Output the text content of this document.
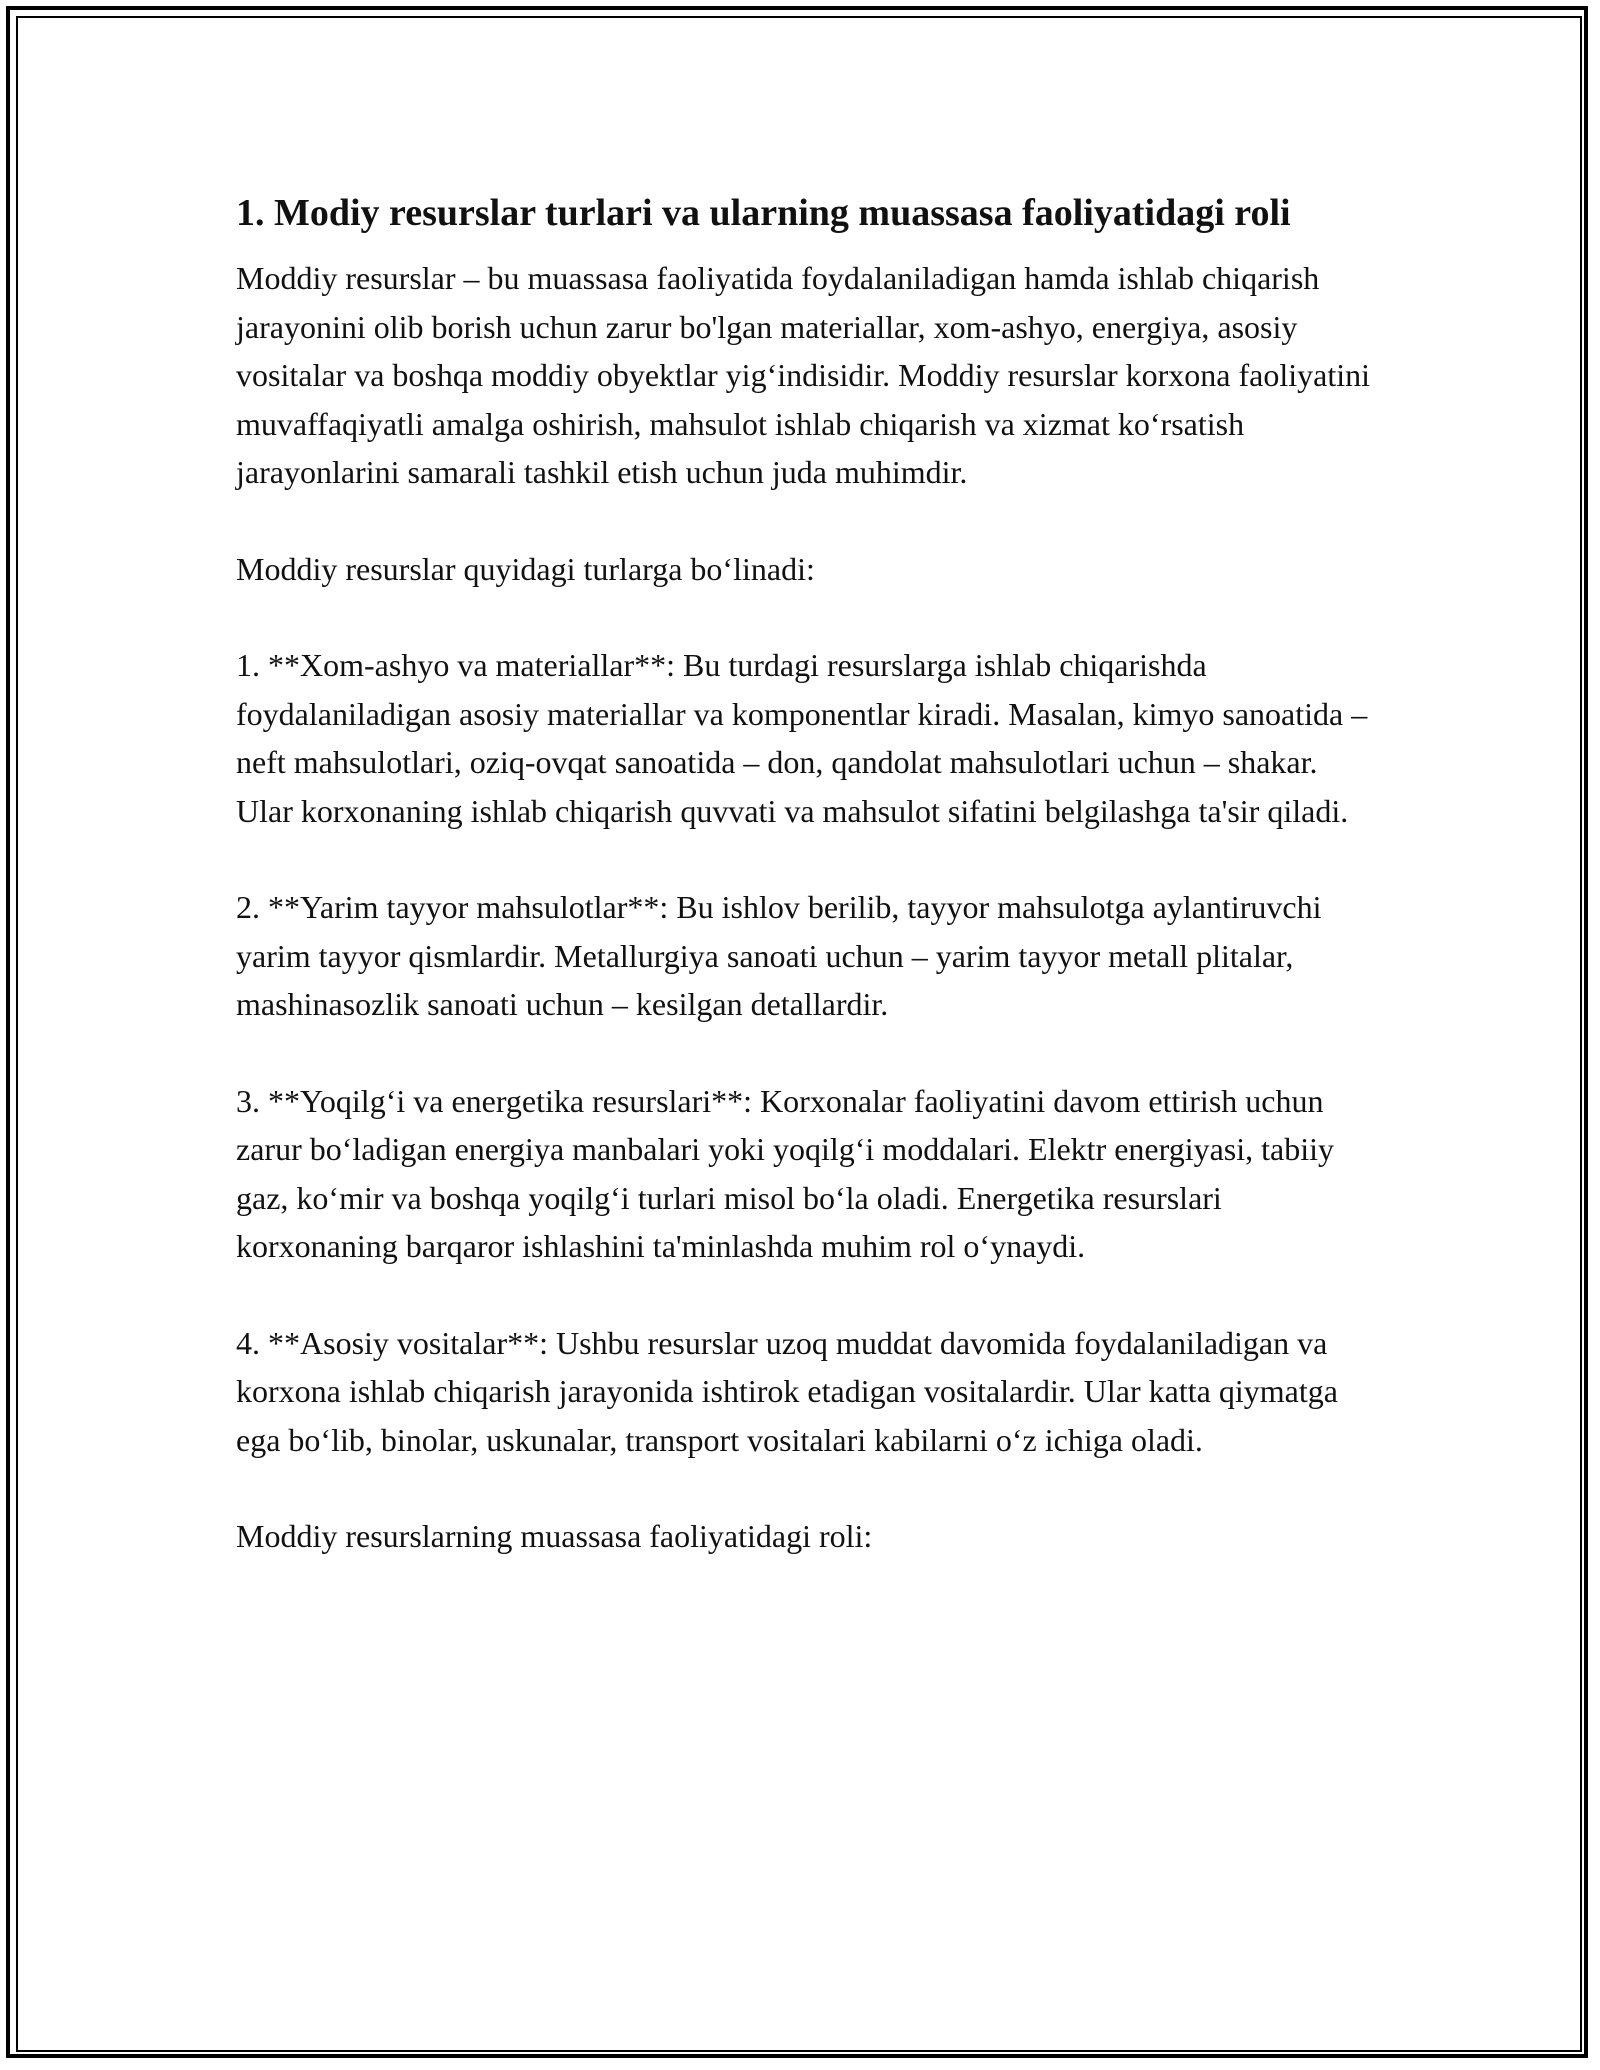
1. Modiy resurslar turlari va ularning muassasa faoliyatidagi roli

Moddiy resurslar – bu muassasa faoliyatida foydalaniladigan hamda ishlab chiqarish jarayonini olib borish uchun zarur bo'lgan materiallar, xom-ashyo, energiya, asosiy vositalar va boshqa moddiy obyektlar yig‘indisidir. Moddiy resurslar korxona faoliyatini muvaffaqiyatli amalga oshirish, mahsulot ishlab chiqarish va xizmat ko‘rsatish jarayonlarini samarali tashkil etish uchun juda muhimdir.

Moddiy resurslar quyidagi turlarga bo‘linadi:

1. **Xom-ashyo va materiallar**: Bu turdagi resurslarga ishlab chiqarishda foydalaniladigan asosiy materiallar va komponentlar kiradi. Masalan, kimyo sanoatida – neft mahsulotlari, oziq-ovqat sanoatida – don, qandolat mahsulotlari uchun – shakar. Ular korxonaning ishlab chiqarish quvvati va mahsulot sifatini belgilashga ta'sir qiladi.

2. **Yarim tayyor mahsulotlar**: Bu ishlov berilib, tayyor mahsulotga aylantiruvchi yarim tayyor qismlardir. Metallurgiya sanoati uchun – yarim tayyor metall plitalar, mashinasozlik sanoati uchun – kesilgan detallardir.

3. **Yoqilg‘i va energetika resurslari**: Korxonalar faoliyatini davom ettirish uchun zarur bo‘ladigan energiya manbalari yoki yoqilg‘i moddalari. Elektr energiyasi, tabiiy gaz, ko‘mir va boshqa yoqilg‘i turlari misol bo‘la oladi. Energetika resurslari korxonaning barqaror ishlashini ta'minlashda muhim rol o‘ynaydi.

4. **Asosiy vositalar**: Ushbu resurslar uzoq muddat davomida foydalaniladigan va korxona ishlab chiqarish jarayonida ishtirok etadigan vositalardir. Ular katta qiymatga ega bo‘lib, binolar, uskunalar, transport vositalari kabilarni o‘z ichiga oladi.

Moddiy resurslarning muassasa faoliyatidagi roli:
